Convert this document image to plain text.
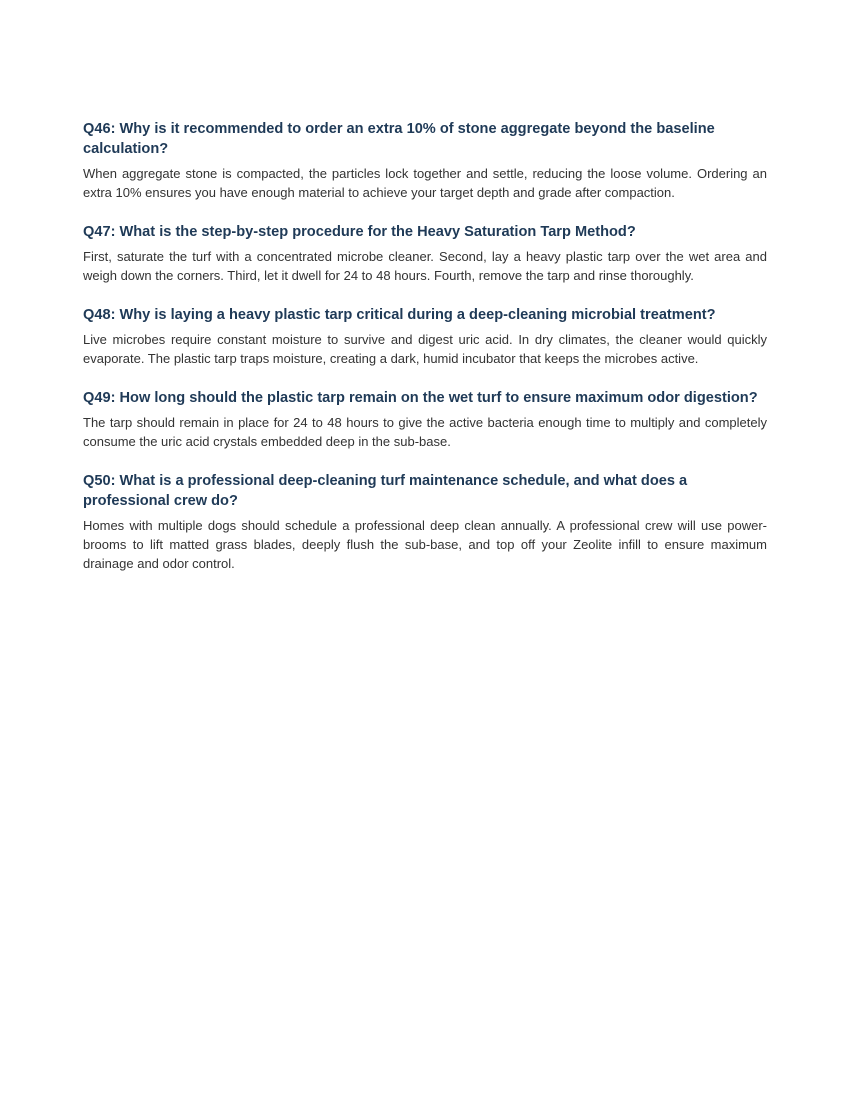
Q46: Why is it recommended to order an extra 10% of stone aggregate beyond the baseline calculation?

When aggregate stone is compacted, the particles lock together and settle, reducing the loose volume. Ordering an extra 10% ensures you have enough material to achieve your target depth and grade after compaction.

Q47: What is the step-by-step procedure for the Heavy Saturation Tarp Method?

First, saturate the turf with a concentrated microbe cleaner. Second, lay a heavy plastic tarp over the wet area and weigh down the corners. Third, let it dwell for 24 to 48 hours. Fourth, remove the tarp and rinse thoroughly.

Q48: Why is laying a heavy plastic tarp critical during a deep-cleaning microbial treatment?

Live microbes require constant moisture to survive and digest uric acid. In dry climates, the cleaner would quickly evaporate. The plastic tarp traps moisture, creating a dark, humid incubator that keeps the microbes active.

Q49: How long should the plastic tarp remain on the wet turf to ensure maximum odor digestion?

The tarp should remain in place for 24 to 48 hours to give the active bacteria enough time to multiply and completely consume the uric acid crystals embedded deep in the sub-base.

Q50: What is a professional deep-cleaning turf maintenance schedule, and what does a professional crew do?

Homes with multiple dogs should schedule a professional deep clean annually. A professional crew will use power-brooms to lift matted grass blades, deeply flush the sub-base, and top off your Zeolite infill to ensure maximum drainage and odor control.
